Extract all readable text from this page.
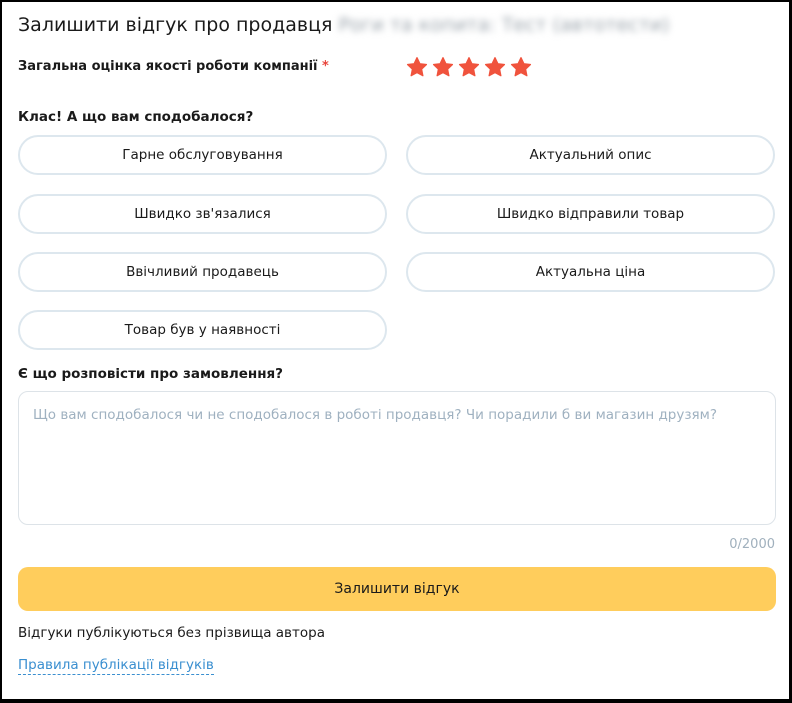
Залишити відгук про продавця Роги та копита: Тест (автотести)
Загальна оцінка якості роботи компанії *
Клас! А що вам сподобалося?
Гарне обслуговування	Актуальний опис
Швидко зв'язалися	Швидко відправили товар
Ввічливий продавець	Актуальна ціна
Товар був у наявності
Є що розповісти про замовлення?
Що вам сподобалося чи не сподобалося в роботі продавця? Чи порадили б ви магазин друзям?
0/2000
Залишити відгук
Відгуки публікуються без прізвища автора
Правила публікації відгуків
